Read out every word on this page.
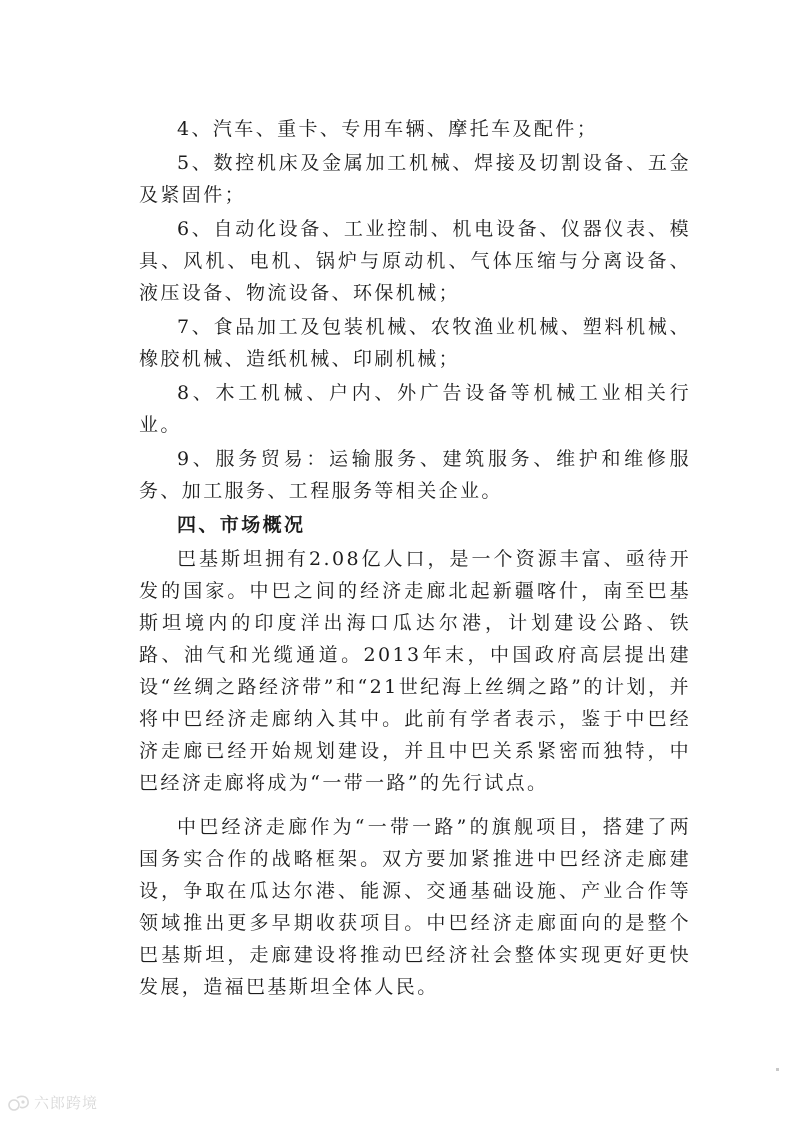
4、汽车、重卡、专用车辆、摩托车及配件；

5、数控机床及金属加工机械、焊接及切割设备、五金及紧固件；

6、自动化设备、工业控制、机电设备、仪器仪表、模具、风机、电机、锅炉与原动机、气体压缩与分离设备、液压设备、物流设备、环保机械；

7、食品加工及包装机械、农牧渔业机械、塑料机械、橡胶机械、造纸机械、印刷机械；

8、木工机械、户内、外广告设备等机械工业相关行业。

9、服务贸易：运输服务、建筑服务、维护和维修服务、加工服务、工程服务等相关企业。

四、市场概况

巴基斯坦拥有2.08亿人口，是一个资源丰富、亟待开发的国家。中巴之间的经济走廊北起新疆喀什，南至巴基斯坦境内的印度洋出海口瓜达尔港，计划建设公路、铁路、油气和光缆通道。2013年末，中国政府高层提出建设“丝绸之路经济带”和“21世纪海上丝绸之路”的计划，并将中巴经济走廊纳入其中。此前有学者表示，鉴于中巴经济走廊已经开始规划建设，并且中巴关系紧密而独特，中巴经济走廊将成为“一带一路”的先行试点。

中巴经济走廊作为“一带一路”的旗舰项目，搭建了两国务实合作的战略框架。双方要加紧推进中巴经济走廊建设，争取在瓜达尔港、能源、交通基础设施、产业合作等领域推出更多早期收获项目。中巴经济走廊面向的是整个巴基斯坦，走廊建设将推动巴经济社会整体实现更好更快发展，造福巴基斯坦全体人民。

六郎跨境
